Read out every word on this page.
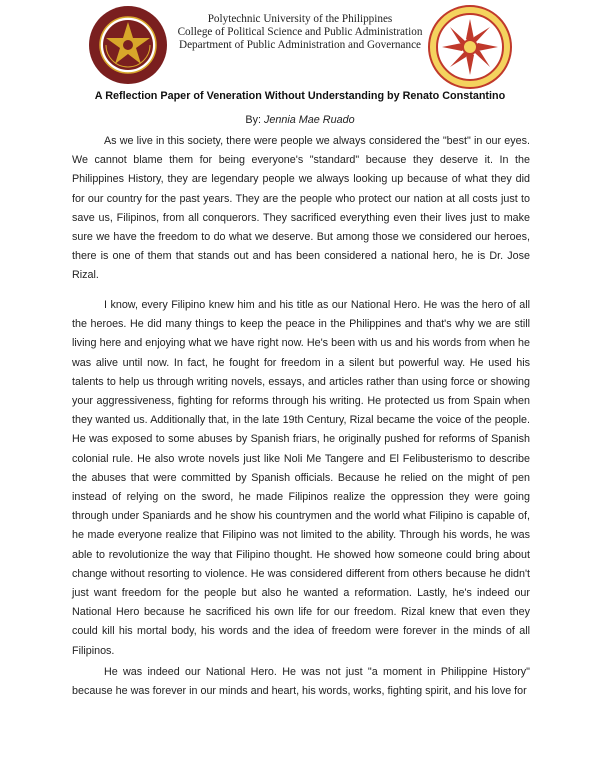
Polytechnic University of the Philippines
College of Political Science and Public Administration
Department of Public Administration and Governance
A Reflection Paper of Veneration Without Understanding by Renato Constantino
By: Jennia Mae Ruado

As we live in this society, there were people we always considered the "best" in our eyes. We cannot blame them for being everyone's "standard" because they deserve it. In the Philippines History, they are legendary people we always looking up because of what they did for our country for the past years. They are the people who protect our nation at all costs just to save us, Filipinos, from all conquerors. They sacrificed everything even their lives just to make sure we have the freedom to do what we deserve. But among those we considered our heroes, there is one of them that stands out and has been considered a national hero, he is Dr. Jose Rizal.

I know, every Filipino knew him and his title as our National Hero. He was the hero of all the heroes. He did many things to keep the peace in the Philippines and that's why we are still living here and enjoying what we have right now. He's been with us and his words from when he was alive until now. In fact, he fought for freedom in a silent but powerful way. He used his talents to help us through writing novels, essays, and articles rather than using force or showing your aggressiveness, fighting for reforms through his writing. He protected us from Spain when they wanted us. Additionally that, in the late 19th Century, Rizal became the voice of the people. He was exposed to some abuses by Spanish friars, he originally pushed for reforms of Spanish colonial rule. He also wrote novels just like Noli Me Tangere and El Felibusterismo to describe the abuses that were committed by Spanish officials. Because he relied on the might of pen instead of relying on the sword, he made Filipinos realize the oppression they were going through under Spaniards and he show his countrymen and the world what Filipino is capable of, he made everyone realize that Filipino was not limited to the ability. Through his words, he was able to revolutionize the way that Filipino thought. He showed how someone could bring about change without resorting to violence. He was considered different from others because he didn't just want freedom for the people but also he wanted a reformation. Lastly, he's indeed our National Hero because he sacrificed his own life for our freedom. Rizal knew that even they could kill his mortal body, his words and the idea of freedom were forever in the minds of all Filipinos.

He was indeed our National Hero. He was not just "a moment in Philippine History" because he was forever in our minds and heart, his words, works, fighting spirit, and his love for
